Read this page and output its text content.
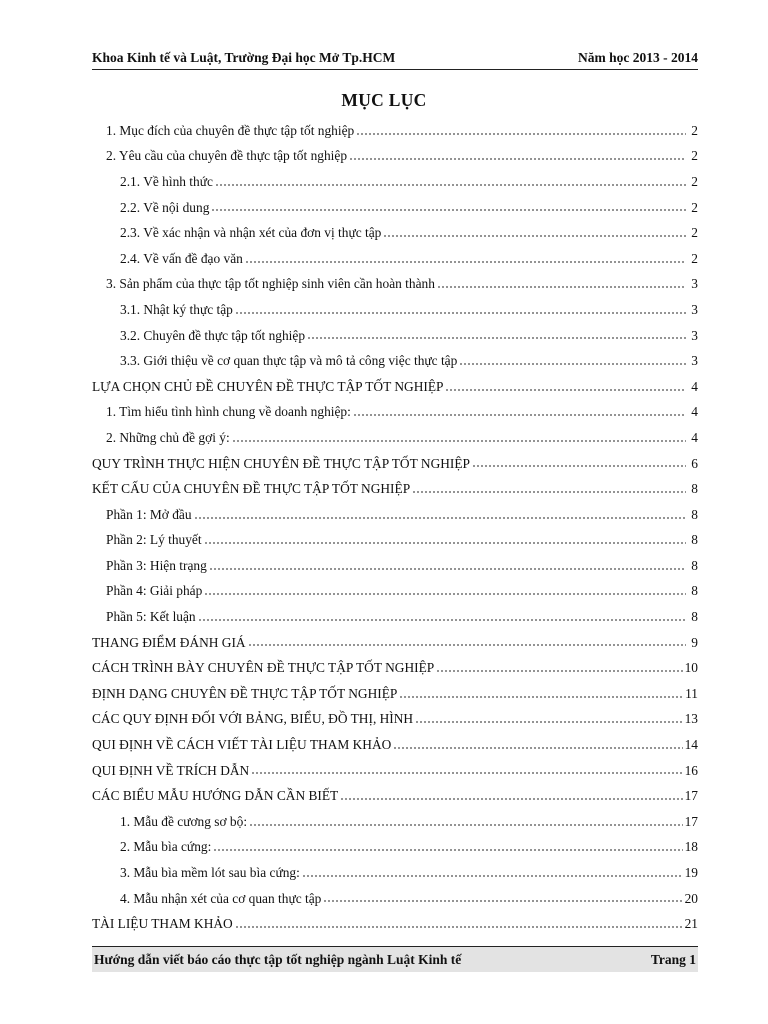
Khoa Kinh tế và Luật, Trường Đại học Mở Tp.HCM	Năm học 2013 - 2014
MỤC LỤC
1. Mục đích của chuyên đề thực tập tốt nghiệp	2
2. Yêu cầu của chuyên đề thực tập tốt nghiệp	2
2.1. Về hình thức	2
2.2. Về nội dung	2
2.3. Về xác nhận và nhận xét của đơn vị thực tập	2
2.4. Về vấn đề đạo văn	2
3. Sản phẩm của thực tập tốt nghiệp sinh viên cần hoàn thành	3
3.1. Nhật ký thực tập	3
3.2. Chuyên đề thực tập tốt nghiệp	3
3.3. Giới thiệu về cơ quan thực tập và mô tả công việc thực tập	3
LỰA CHỌN CHỦ ĐỀ CHUYÊN ĐỀ THỰC TẬP TỐT NGHIỆP	4
1. Tìm hiểu tình hình chung về doanh nghiệp:	4
2. Những chủ đề gợi ý:	4
QUY TRÌNH THỰC HIỆN CHUYÊN ĐỀ THỰC TẬP TỐT NGHIỆP	6
KẾT CẤU CỦA CHUYÊN ĐỀ THỰC TẬP TỐT NGHIỆP	8
Phần 1: Mở đầu	8
Phần 2: Lý thuyết	8
Phần 3: Hiện trạng	8
Phần 4: Giải pháp	8
Phần 5: Kết luận	8
THANG ĐIỂM ĐÁNH GIÁ	9
CÁCH TRÌNH BÀY CHUYÊN ĐỀ THỰC TẬP TỐT NGHIỆP	10
ĐỊNH DẠNG CHUYÊN ĐỀ THỰC TẬP TỐT NGHIỆP	11
CÁC QUY ĐỊNH ĐỐI VỚI BẢNG, BIỂU, ĐỒ THỊ, HÌNH	13
QUI ĐỊNH VỀ CÁCH VIẾT TÀI LIỆU THAM KHẢO	14
QUI ĐỊNH VỀ TRÍCH DẪN	16
CÁC BIỂU MẪU HƯỚNG DẪN CẦN BIẾT	17
1. Mẫu đề cương sơ bộ:	17
2. Mẫu bìa cứng:	18
3. Mẫu bìa mềm lót sau bìa cứng:	19
4. Mẫu nhận xét của cơ quan thực tập	20
TÀI LIỆU THAM KHẢO	21
Hướng dẫn viết báo cáo thực tập tốt nghiệp ngành Luật Kinh tế	Trang 1
